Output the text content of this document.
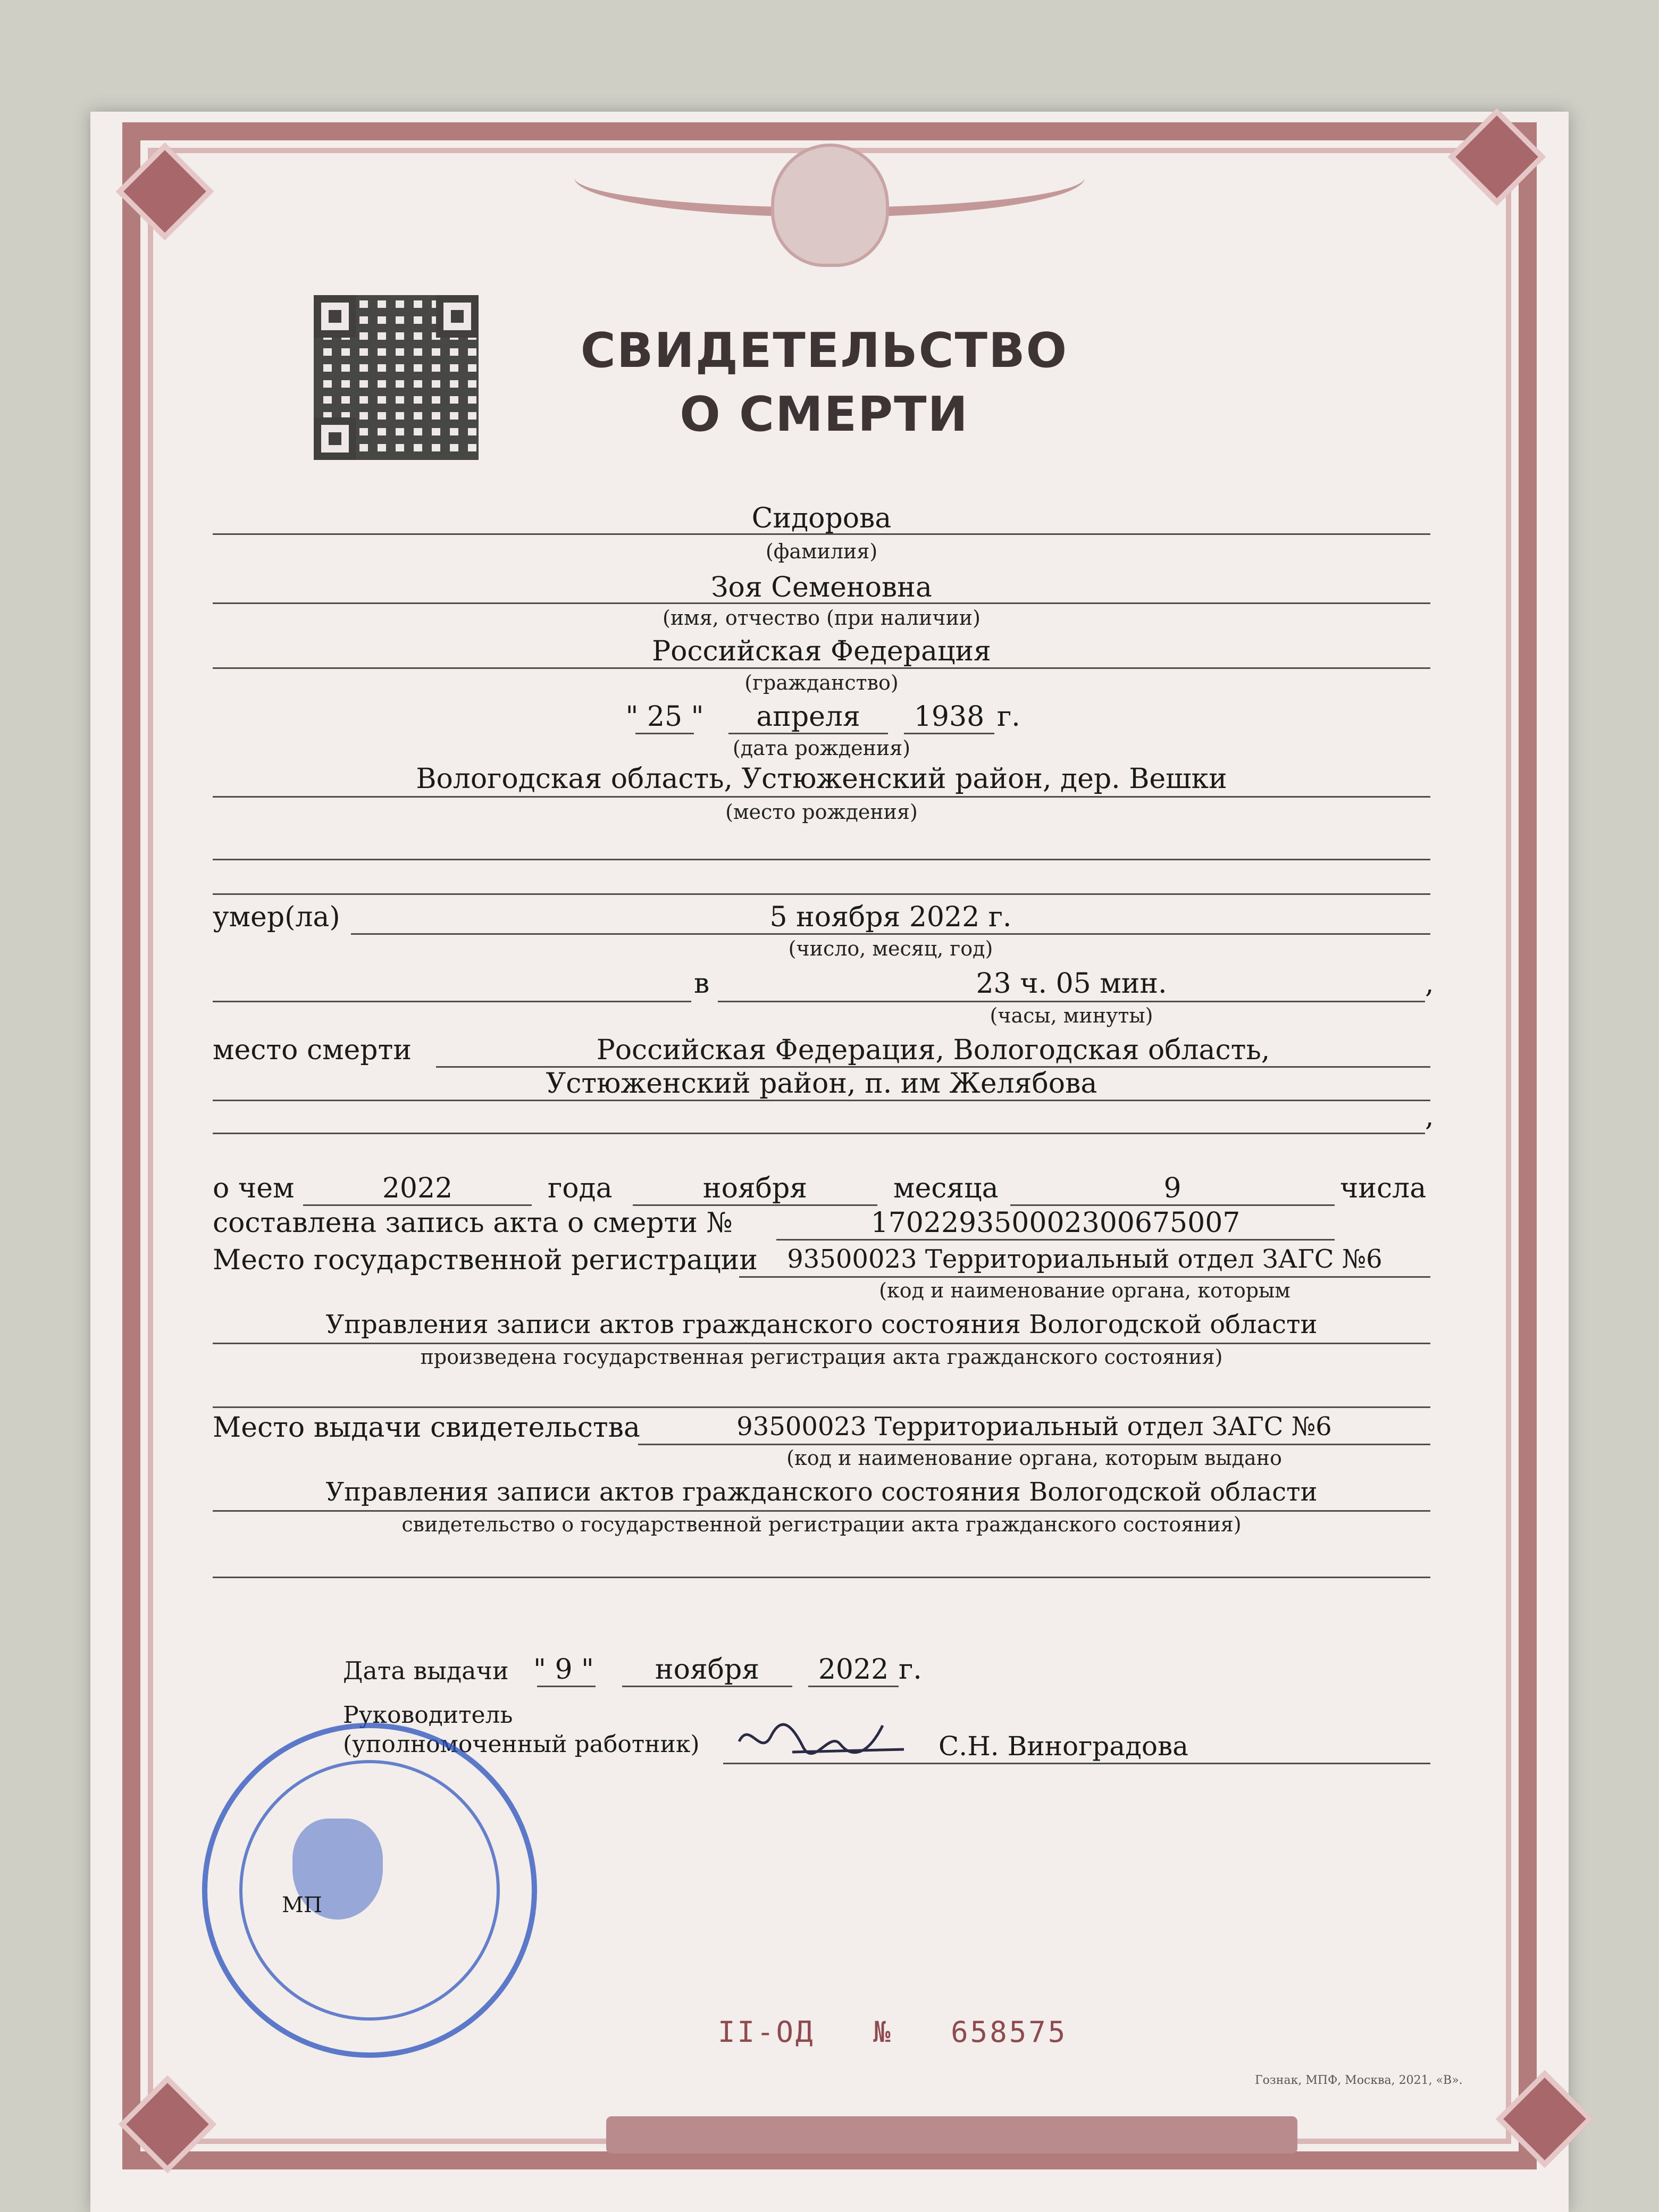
СВИДЕТЕЛЬСТВО
О СМЕРТИ
Сидорова
(фамилия)
Зоя Семеновна
(имя, отчество (при наличии)
Российская Федерация
(гражданство)
" 25 "	апреля	1938 г.
(дата рождения)
Вологодская область, Устюженский район, дер. Вешки
(место рождения)
умер(ла)	5 ноября 2022 г.
(число, месяц, год)
в	23 ч. 05 мин.	,
(часы, минуты)
место смерти	Российская Федерация, Вологодская область,
Устюженский район, п. им Желябова
,
о чем	2022	года	ноября	месяца	9	числа
составлена запись акта о смерти №	170229350002300675007
Место государственной регистрации	93500023 Территориальный отдел ЗАГС №6
(код и наименование органа, которым
Управления записи актов гражданского состояния Вологодской области
произведена государственная регистрация акта гражданского состояния)
Место выдачи свидетельства	93500023 Территориальный отдел ЗАГС №6
(код и наименование органа, которым выдано
Управления записи актов гражданского состояния Вологодской области
свидетельство о государственной регистрации акта гражданского состояния)
Дата выдачи " 9 "	ноября	2022 г.
Руководитель
(уполномоченный работник)	С.Н. Виноградова
МП
II-ОД № 658575
Гознак, МПФ, Москва, 2021, «В».
